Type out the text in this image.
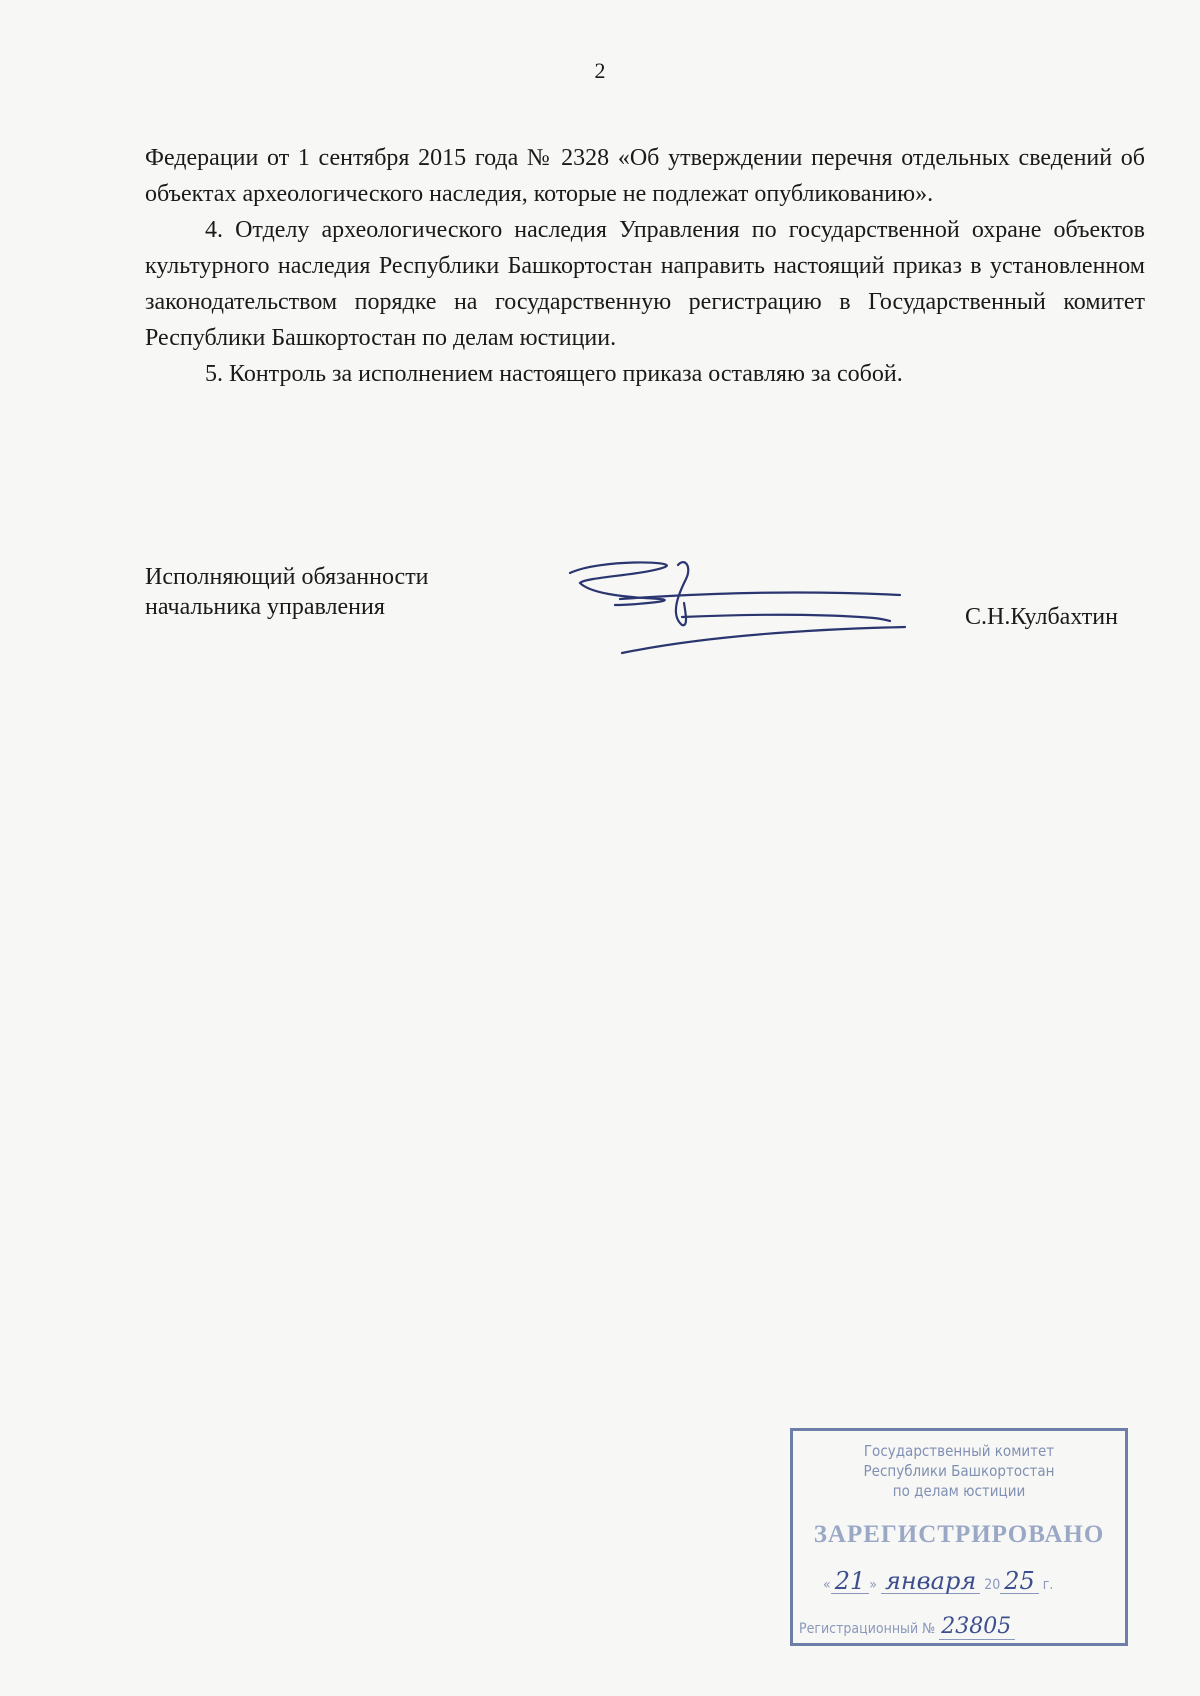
2

Федерации от 1 сентября 2015 года № 2328 «Об утверждении перечня отдельных сведений об объектах археологического наследия, которые не подлежат опубликованию».

4. Отделу археологического наследия Управления по государственной охране объектов культурного наследия Республики Башкортостан направить настоящий приказ в установленном законодательством порядке на государственную регистрацию в Государственный комитет Республики Башкортостан по делам юстиции.

5. Контроль за исполнением настоящего приказа оставляю за собой.

Исполняющий обязанности
начальника управления	С.Н.Кулбахтин
Государственный комитет
Республики Башкортостан
по делам юстиции
ЗАРЕГИСТРИРОВАНО
« 21 » января 20 25 г.
Регистрационный № 23805
